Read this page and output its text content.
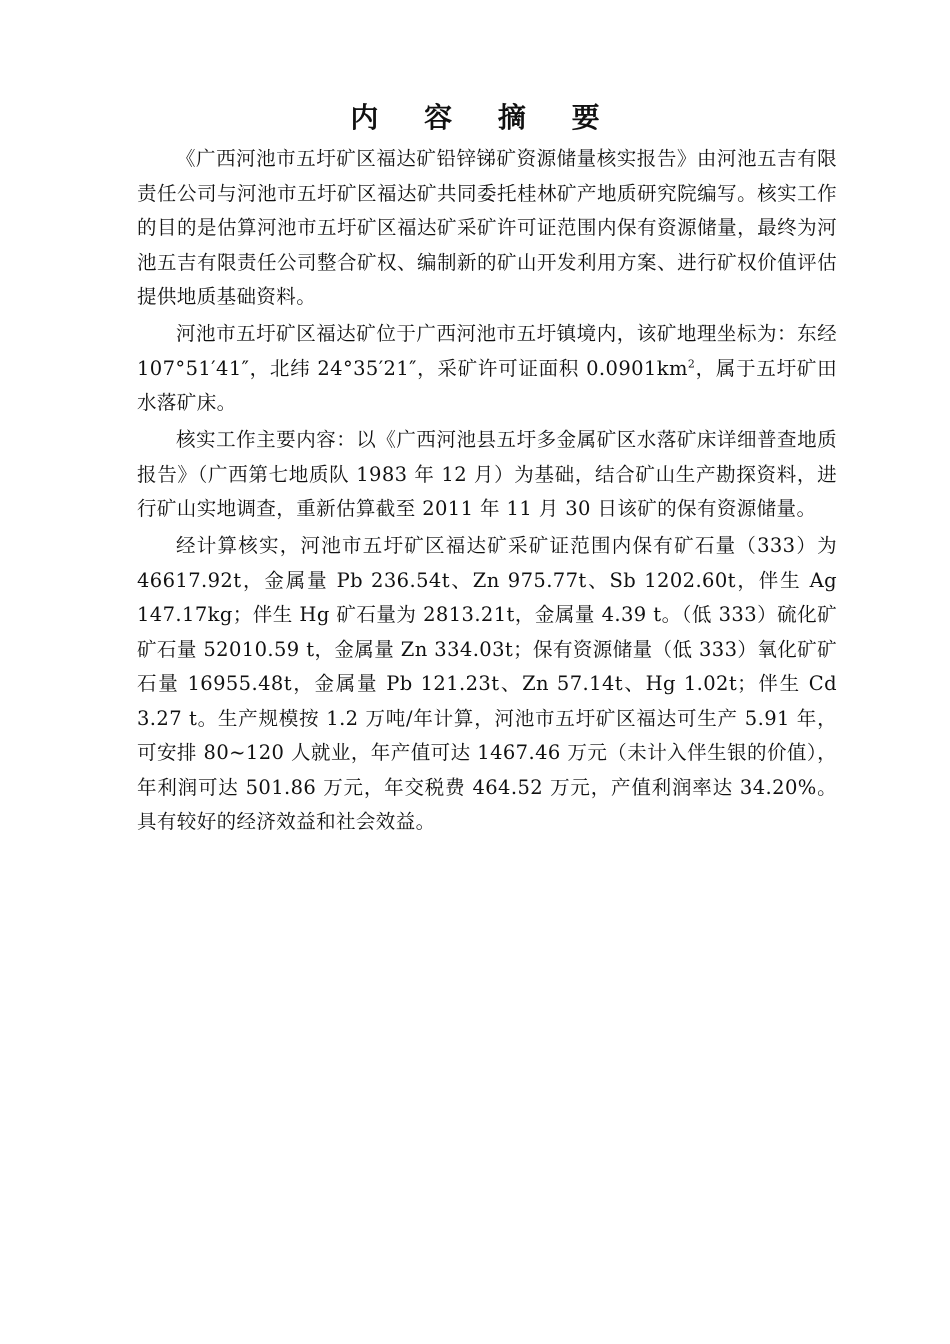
内 容 摘 要

《广西河池市五圩矿区福达矿铅锌锑矿资源储量核实报告》由河池五吉有限责任公司与河池市五圩矿区福达矿共同委托桂林矿产地质研究院编写。核实工作的目的是估算河池市五圩矿区福达矿采矿许可证范围内保有资源储量，最终为河池五吉有限责任公司整合矿权、编制新的矿山开发利用方案、进行矿权价值评估提供地质基础资料。

河池市五圩矿区福达矿位于广西河池市五圩镇境内，该矿地理坐标为：东经 107°51′41″，北纬 24°35′21″，采矿许可证面积 $0.0901km^2$，属于五圩矿田水落矿床。

核实工作主要内容：以《广西河池县五圩多金属矿区水落矿床详细普查地质报告》（广西第七地质队 1983 年 12 月）为基础，结合矿山生产勘探资料，进行矿山实地调查，重新估算截至 2011 年 11 月 30 日该矿的保有资源储量。

经计算核实，河池市五圩矿区福达矿采矿证范围内保有矿石量（333）为 46617.92t，金属量 Pb 236.54t、Zn 975.77t、Sb 1202.60t，伴生 Ag 147.17kg；伴生 Hg 矿石量为 2813.21t，金属量 4.39 t。（低 333）硫化矿矿石量 52010.59 t，金属量 Zn 334.03t；保有资源储量（低 333）氧化矿矿石量 16955.48t，金属量 Pb 121.23t、Zn 57.14t、Hg 1.02t；伴生 Cd 3.27 t。生产规模按 1.2 万吨/年计算，河池市五圩矿区福达可生产 5.91 年，可安排 80~120 人就业，年产值可达 1467.46 万元（未计入伴生银的价值），年利润可达 501.86 万元，年交税费 464.52 万元，产值利润率达 34.20%。具有较好的经济效益和社会效益。
